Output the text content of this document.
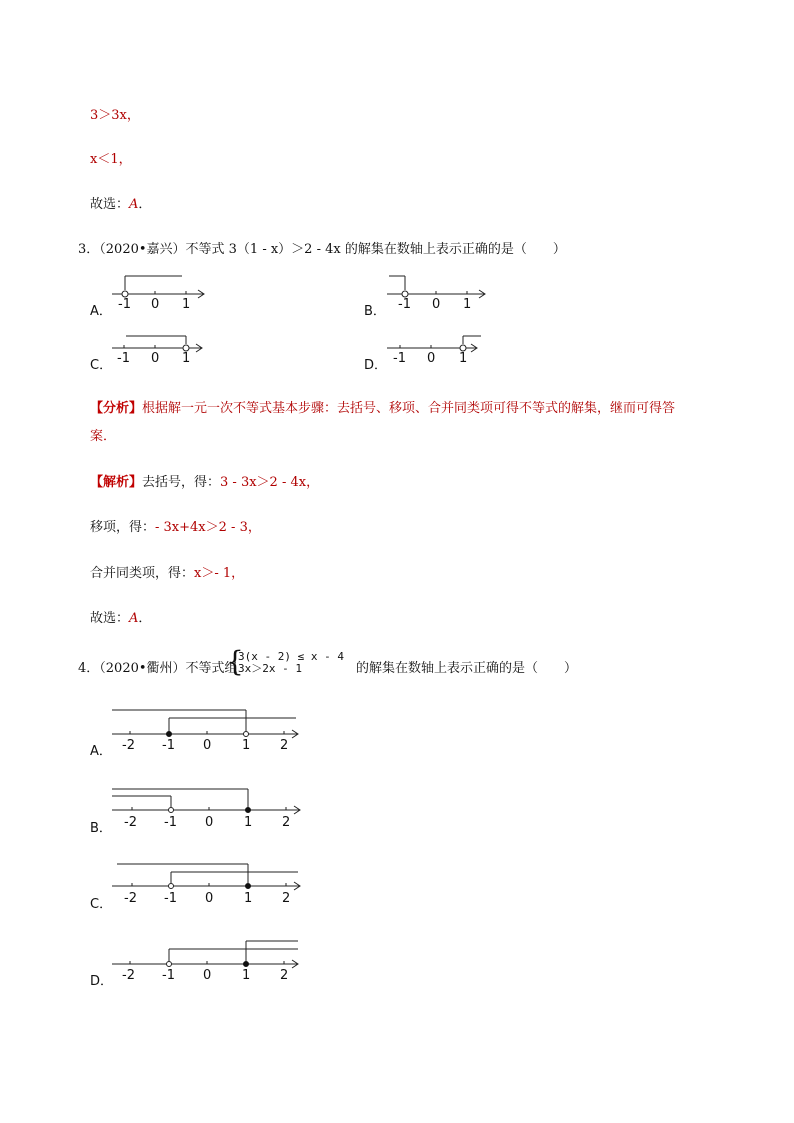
3＞3x，
x＜1，
故选：A．
3．（2020•嘉兴）不等式 3（1 - x）＞2 - 4x 的解集在数轴上表示正确的是（　　）
A． -1 0 1	B． -1 0 1
C． -1 0 1	D． -1 0 1
【分析】根据解一元一次不等式基本步骤：去括号、移项、合并同类项可得不等式的解集，继而可得答
案．
【解析】去括号，得：3 - 3x＞2 - 4x，
移项，得：- 3x+4x＞2 - 3，
合并同类项，得：x＞- 1，
故选：A．
4．（2020•衢州）不等式组
{
3(x - 2) ≤ x - 4
3x＞2x - 1	的解集在数轴上表示正确的是（　　）
A． -2 -1 0 1 2
B． -2 -1 0 1 2
C． -2 -1 0 1 2
D． -2 -1 0 1 2
